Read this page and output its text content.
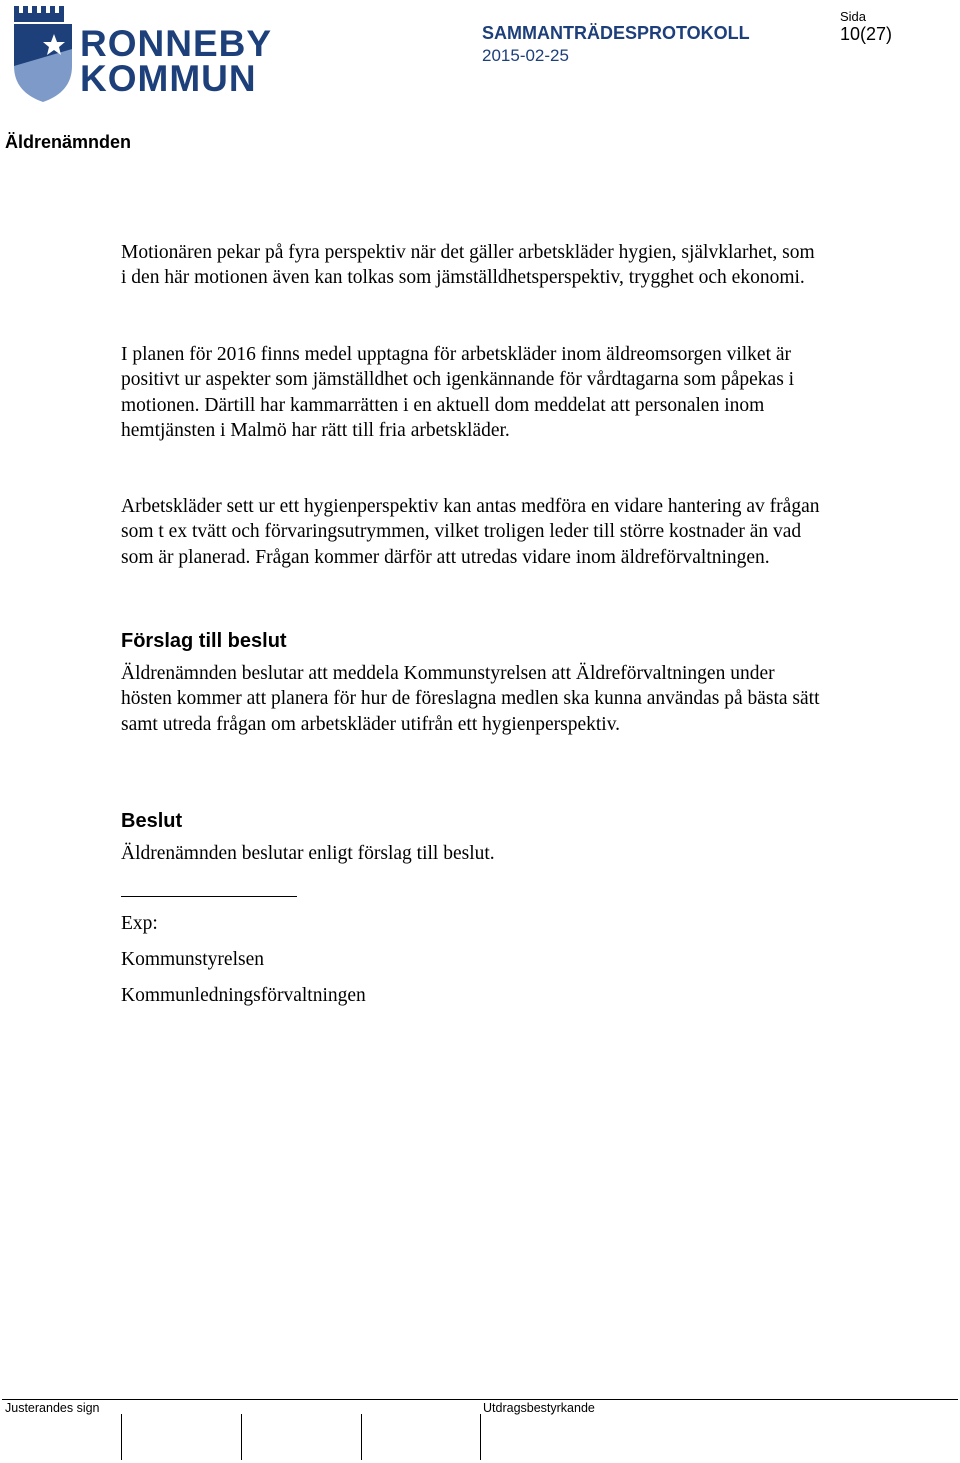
RONNEBY
KOMMUN
SAMMANTRÄDESPROTOKOLL
2015-02-25
Sida
10(27)
Äldrenämnden

Motionären pekar på fyra perspektiv när det gäller arbetskläder hygien, självklarhet, som i den här motionen även kan tolkas som jämställdhetsperspektiv, trygghet och ekonomi.

I planen för 2016 finns medel upptagna för arbetskläder inom äldreomsorgen vilket är positivt ur aspekter som jämställdhet och igenkännande för vårdtagarna som påpekas i motionen. Därtill har kammarrätten i en aktuell dom meddelat att personalen inom hemtjänsten i Malmö har rätt till fria arbetskläder.

Arbetskläder sett ur ett hygienperspektiv kan antas medföra en vidare hantering av frågan som t ex tvätt och förvaringsutrymmen, vilket troligen leder till större kostnader än vad som är planerad. Frågan kommer därför att utredas vidare inom äldreförvaltningen.

Förslag till beslut

Äldrenämnden beslutar att meddela Kommunstyrelsen att Äldreförvaltningen under hösten kommer att planera för hur de föreslagna medlen ska kunna användas på bästa sätt samt utreda frågan om arbetskläder utifrån ett hygienperspektiv.

Beslut

Äldrenämnden beslutar enligt förslag till beslut.

Exp:
Kommunstyrelsen
Kommunledningsförvaltningen
Justerandes sign	Utdragsbestyrkande
